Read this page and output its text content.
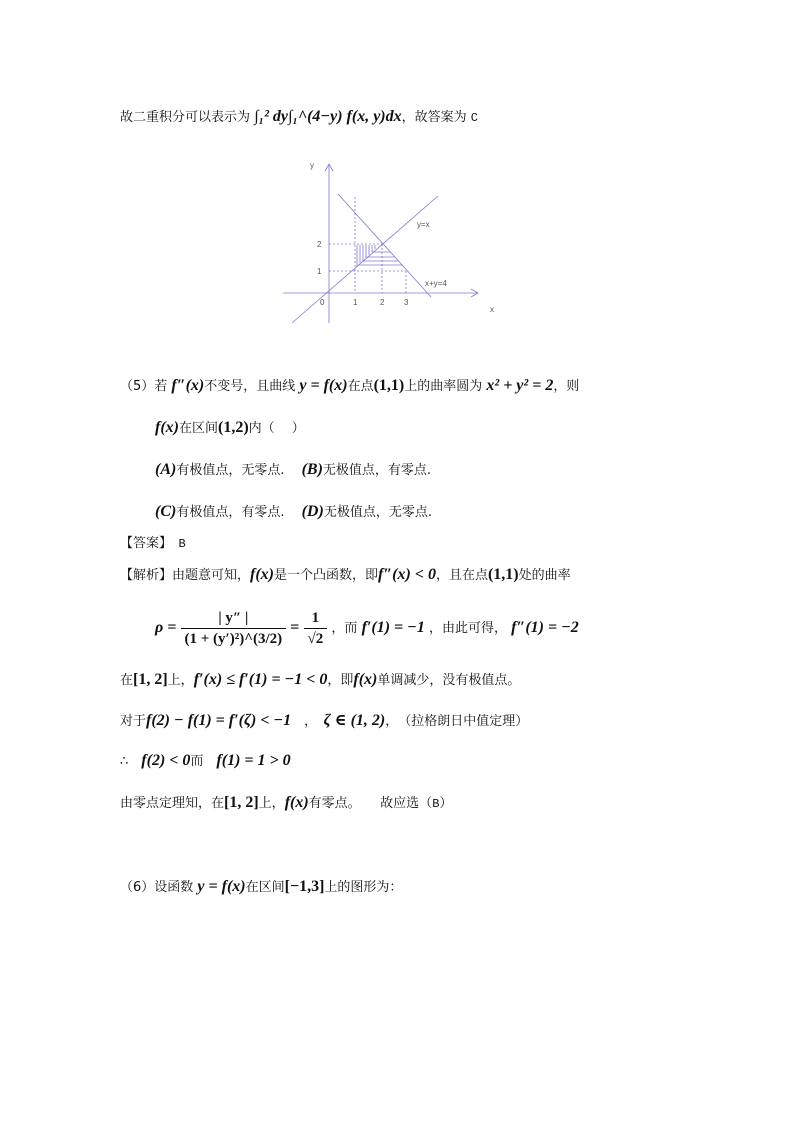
故二重积分可以表示为 ∫₁² dy∫₁^(4−y) f(x, y)dx，故答案为 C
（5）若 f″(x)不变号，且曲线 y = f(x)在点(1,1)上的曲率圆为 x² + y² = 2，则
f(x)在区间(1,2)内（　 ）
(A)有极值点，无零点.　 (B)无极值点，有零点.
(C)有极值点，有零点.　 (D)无极值点，无零点.
【答案】　B
【解析】由题意可知，f(x)是一个凸函数，即f″(x) < 0，且在点(1,1)处的曲率
在[1, 2]上，f′(x) ≤ f′(1) = −1 < 0，即f(x)单调减少，没有极值点。
对于f(2) − f(1) = f′(ζ) < −1　，　ζ ∈ (1, 2)，　（拉格朗日中值定理）
∴　f(2) < 0而　f(1) = 1 > 0
由零点定理知，在[1, 2]上，f(x)有零点。　　故应选（B）
（6）设函数 y = f(x)在区间[−1,3]上的图形为：
$\rho = \frac{| y'' |}{\text{(1 + (y′)²)\textasciicircum{}(3/2)}} = \frac{1}{√2}$ ，而 f′(1) = −1 ，由此可得， f″(1) = −2
y
x
0	1	2 3
1
2
y=x
x+y=4
